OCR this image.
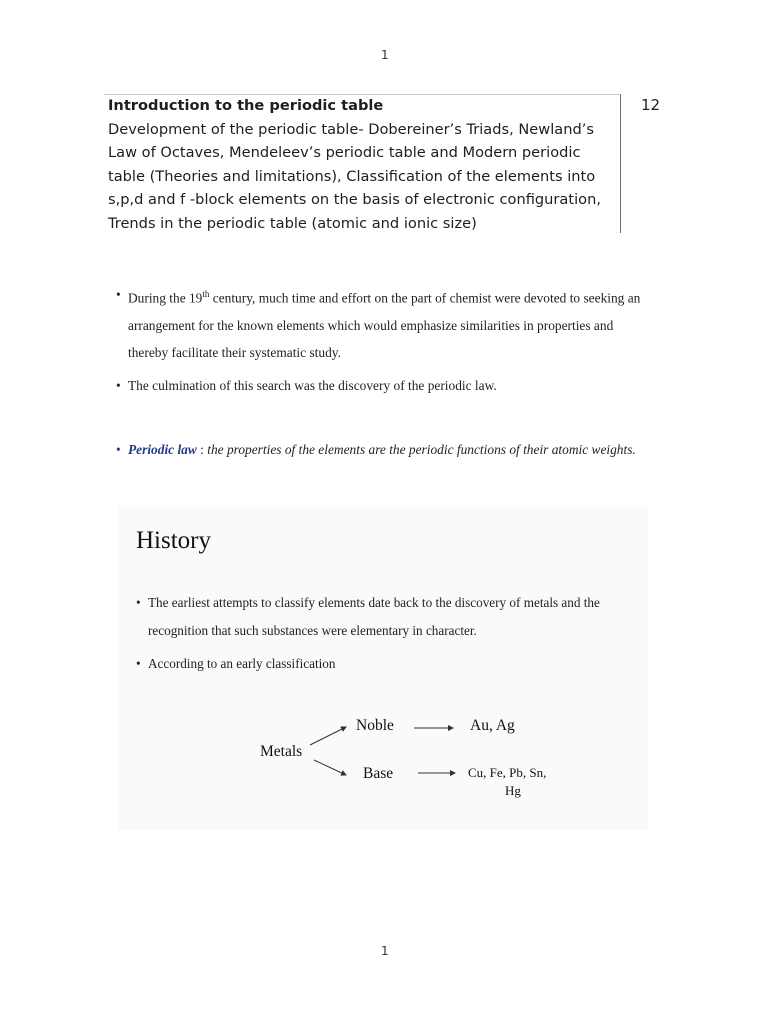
1
1
Introduction to the periodic table
Development of the periodic table- Dobereiner’s Triads, Newland’s Law of Octaves, Mendeleev’s periodic table and Modern periodic table (Theories and limitations), Classification of the elements into s,p,d and f -block elements on the basis of electronic configuration, Trends in the periodic table (atomic and ionic size)
12
• During the 19th century, much time and effort on the part of chemist were devoted to seeking an arrangement for the known elements which would emphasize similarities in properties and thereby facilitate their systematic study.
• The culmination of this search was the discovery of the periodic law.
• Periodic law : the properties of the elements are the periodic functions of their atomic weights.
History
• The earliest attempts to classify elements date back to the discovery of metals and the recognition that such substances were elementary in character.
• According to an early classification
Metals
Noble
Base
Au, Ag
Cu, Fe, Pb, Sn,
Hg
